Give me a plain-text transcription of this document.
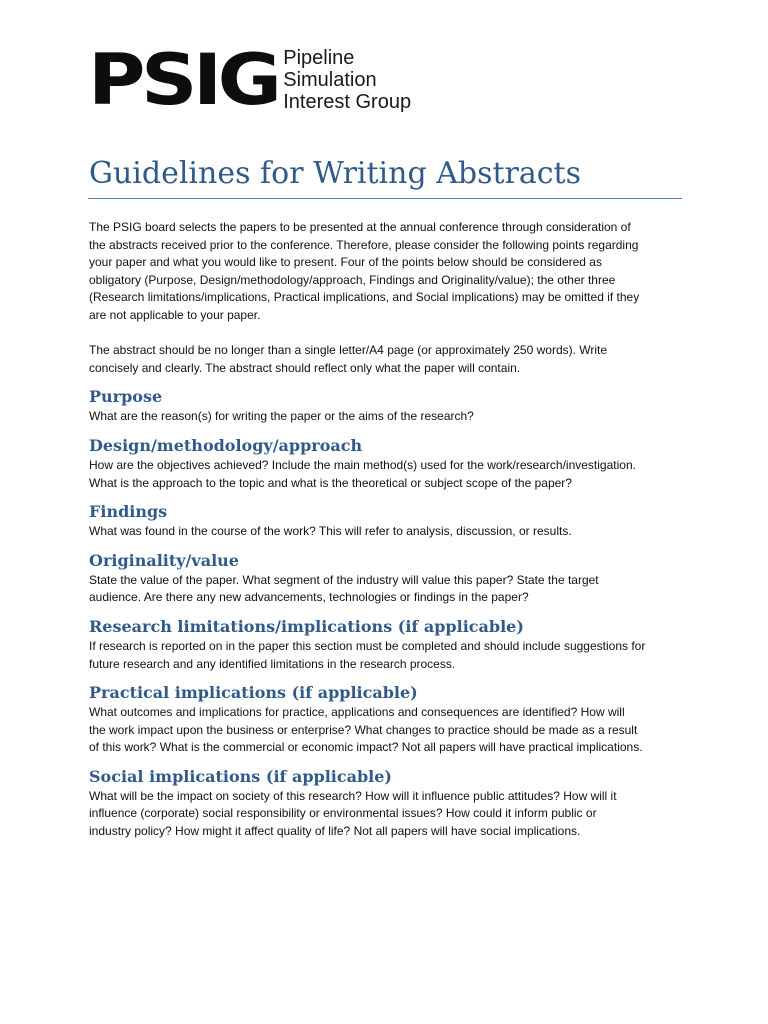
PSIG Pipeline
Simulation
Interest Group
Guidelines for Writing Abstracts

The PSIG board selects the papers to be presented at the annual conference through consideration of
the abstracts received prior to the conference. Therefore, please consider the following points regarding
your paper and what you would like to present. Four of the points below should be considered as
obligatory (Purpose, Design/methodology/approach, Findings and Originality/value); the other three
(Research limitations/implications, Practical implications, and Social implications) may be omitted if they
are not applicable to your paper.

The abstract should be no longer than a single letter/A4 page (or approximately 250 words). Write
concisely and clearly. The abstract should reflect only what the paper will contain.

Purpose

What are the reason(s) for writing the paper or the aims of the research?

Design/methodology/approach

How are the objectives achieved? Include the main method(s) used for the work/research/investigation.
What is the approach to the topic and what is the theoretical or subject scope of the paper?

Findings

What was found in the course of the work? This will refer to analysis, discussion, or results.

Originality/value

State the value of the paper. What segment of the industry will value this paper? State the target
audience. Are there any new advancements, technologies or findings in the paper?

Research limitations/implications (if applicable)

If research is reported on in the paper this section must be completed and should include suggestions for
future research and any identified limitations in the research process.

Practical implications (if applicable)

What outcomes and implications for practice, applications and consequences are identified? How will
the work impact upon the business or enterprise? What changes to practice should be made as a result
of this work? What is the commercial or economic impact? Not all papers will have practical implications.

Social implications (if applicable)

What will be the impact on society of this research? How will it influence public attitudes? How will it
influence (corporate) social responsibility or environmental issues? How could it inform public or
industry policy? How might it affect quality of life? Not all papers will have social implications.
